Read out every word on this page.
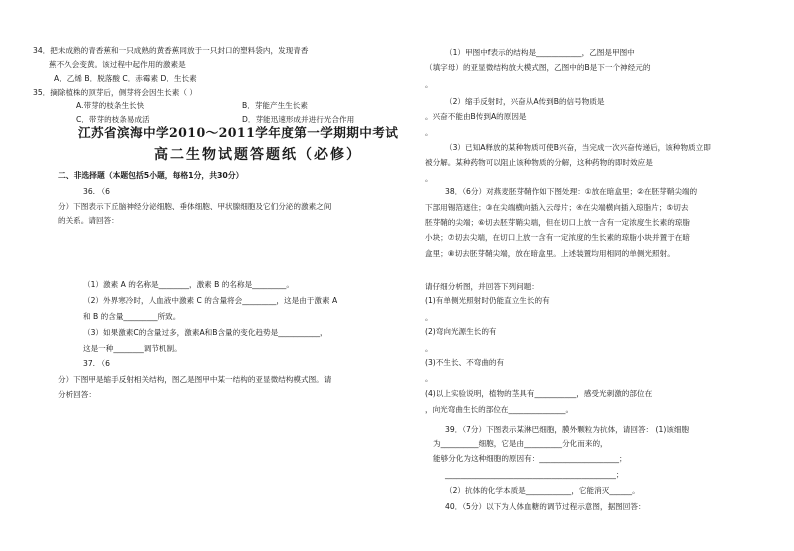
34．把未成熟的青香蕉和一只成熟的黄香蕉同放于一只封口的塑料袋内，发现青香
蕉不久会变黄。该过程中起作用的激素是
A．乙烯 B．脱落酸 C．赤霉素 D．生长素
35．摘除植株的顶芽后，侧芽将会因生长素（ ）
A.带芽的枝条生长快	B．芽能产生生长素
C．带芽的枝条易成活	D．芽能迅速形成并进行光合作用
江苏省滨海中学2010～2011学年度第一学期期中考试
高二生物试题答题纸（必修）
二、非选择题（本题包括5小题，每格1分，共30分）
36. （6
分）下图表示下丘脑神经分泌细胞、垂体细胞、甲状腺细胞及它们分泌的激素之间
的关系。请回答：
（1）激素 A 的名称是________，激素 B 的名称是_________。
（2）外界寒冷时，人血液中激素 C 的含量将会_________，这是由于激素 A
和 B 的含量_________所致。
（3）如果激素C的含量过多，激素A和B含量的变化趋势是___________，
这是一种________调节机制。
37. （6
分）下图甲是缩手反射相关结构，图乙是图甲中某一结构的亚显微结构模式图。请
分析回答：
（1）甲图中f表示的结构是____________，乙图是甲图中
（填字母）的亚显微结构放大模式图，乙图中的B是下一个神经元的
。
（2）缩手反射时，兴奋从A传到B的信号物质是
。兴奋不能由B传到A的原因是
。
（3）已知A释放的某种物质可使B兴奋，当完成一次兴奋传递后，该种物质立即
被分解。某种药物可以阻止该种物质的分解，这种药物的即时效应是
。
38．（6分）对燕麦胚芽鞘作如下图处理：①放在暗盒里；②在胚芽鞘尖端的
下部用锡箔遮住；③在尖端横向插入云母片；④在尖端横向插入琼脂片；⑤切去
胚芽鞘的尖端；⑥切去胚芽鞘尖端，但在切口上放一含有一定浓度生长素的琼脂
小块；⑦切去尖端，在切口上放一含有一定浓度的生长素的琼脂小块并置于在暗
盒里；⑧切去胚芽鞘尖端，放在暗盒里。上述装置均用相同的单侧光照射。
请仔细分析图，并回答下列问题：
(1)有单侧光照射时仍能直立生长的有
。
(2)弯向光源生长的有
。
(3)不生长、不弯曲的有
。
(4)以上实验说明，植物的茎具有___________，感受光刺激的部位在
，向光弯曲生长的部位在_______________。
39．（7分）下图表示某淋巴细胞，膜外颗粒为抗体，请回答： (1)该细胞
为__________细胞，它是由__________分化而来的，
能够分化为这种细胞的原因有：_____________________；
_____________________________________________；
（2）抗体的化学本质是____________，它能消灭______。
40．（5分）以下为人体血糖的调节过程示意图，据图回答：
